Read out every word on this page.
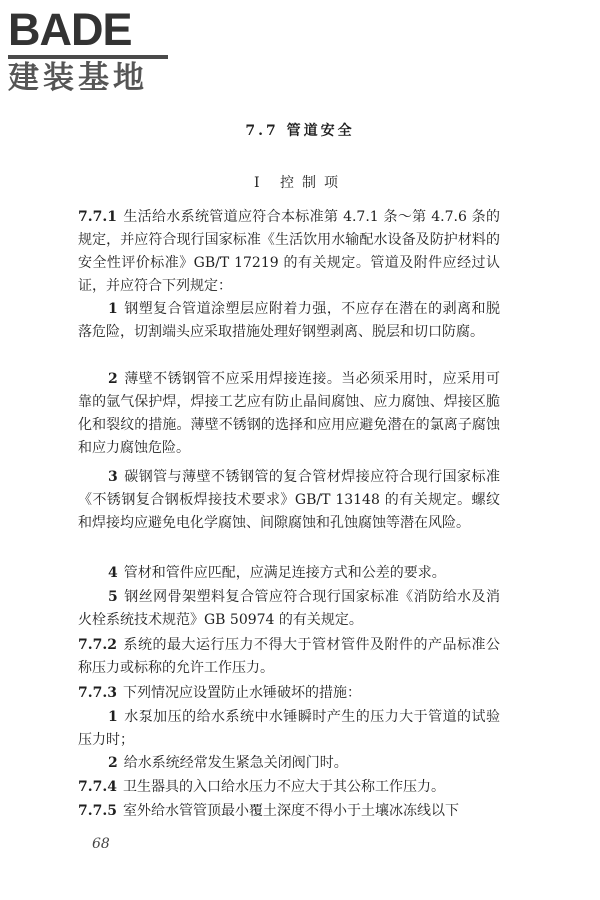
BADE
建装基地
7.7 管道安全
Ⅰ 控制项
7.7.1 生活给水系统管道应符合本标准第 4.7.1 条～第 4.7.6 条的规定，并应符合现行国家标准《生活饮用水输配水设备及防护材料的安全性评价标准》GB/T 17219 的有关规定。管道及附件应经过认证，并应符合下列规定：
1 钢塑复合管道涂塑层应附着力强，不应存在潜在的剥离和脱落危险，切割端头应采取措施处理好钢塑剥离、脱层和切口防腐。
2 薄壁不锈钢管不应采用焊接连接。当必须采用时，应采用可靠的氩气保护焊，焊接工艺应有防止晶间腐蚀、应力腐蚀、焊接区脆化和裂纹的措施。薄壁不锈钢的选择和应用应避免潜在的氯离子腐蚀和应力腐蚀危险。
3 碳钢管与薄壁不锈钢管的复合管材焊接应符合现行国家标准《不锈钢复合钢板焊接技术要求》GB/T 13148 的有关规定。螺纹和焊接均应避免电化学腐蚀、间隙腐蚀和孔蚀腐蚀等潜在风险。
4 管材和管件应匹配，应满足连接方式和公差的要求。
5 钢丝网骨架塑料复合管应符合现行国家标准《消防给水及消火栓系统技术规范》GB 50974 的有关规定。
7.7.2 系统的最大运行压力不得大于管材管件及附件的产品标准公称压力或标称的允许工作压力。
7.7.3 下列情况应设置防止水锤破坏的措施：
1 水泵加压的给水系统中水锤瞬时产生的压力大于管道的试验压力时；
2 给水系统经常发生紧急关闭阀门时。
7.7.4 卫生器具的入口给水压力不应大于其公称工作压力。
7.7.5 室外给水管管顶最小覆土深度不得小于土壤冰冻线以下
68
